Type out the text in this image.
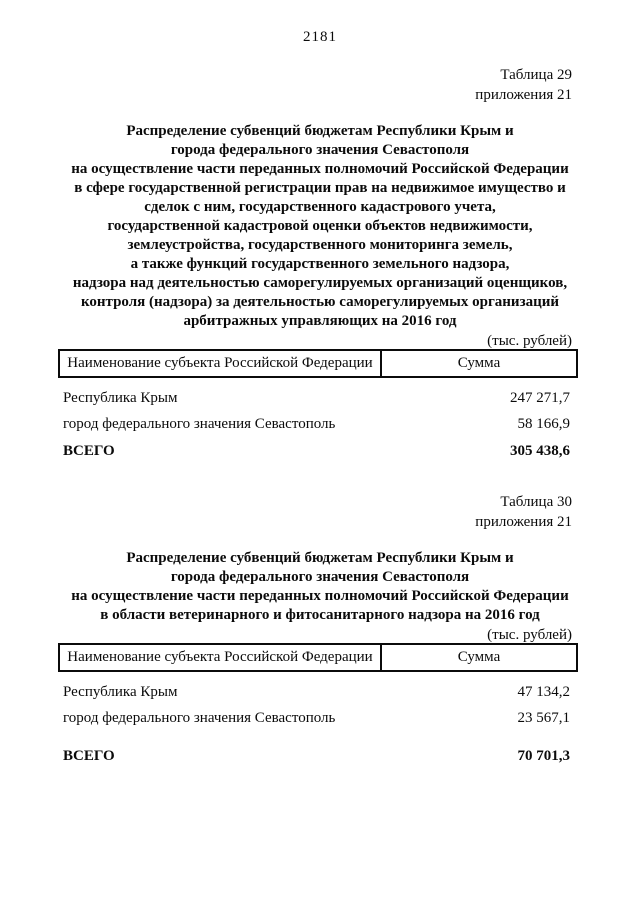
2181
Таблица 29
приложения 21
Распределение субвенций бюджетам Республики Крым и
города федерального значения Севастополя
на осуществление части переданных полномочий Российской Федерации
в сфере государственной регистрации прав на недвижимое имущество и
сделок с ним, государственного кадастрового учета,
государственной кадастровой оценки объектов недвижимости,
землеустройства, государственного мониторинга земель,
а также функций государственного земельного надзора,
надзора над деятельностью саморегулируемых организаций оценщиков,
контроля (надзора) за деятельностью саморегулируемых организаций
арбитражных управляющих на 2016 год
(тыс. рублей)
Наименование субъекта Российской Федерации	Сумма
Республика Крым	247 271,7
город федерального значения Севастополь	58 166,9
ВСЕГО	305 438,6
Таблица 30
приложения 21
Распределение субвенций бюджетам Республики Крым и
города федерального значения Севастополя
на осуществление части переданных полномочий Российской Федерации
в области ветеринарного и фитосанитарного надзора на 2016 год
(тыс. рублей)
Наименование субъекта Российской Федерации	Сумма
Республика Крым	47 134,2
город федерального значения Севастополь	23 567,1
ВСЕГО	70 701,3
